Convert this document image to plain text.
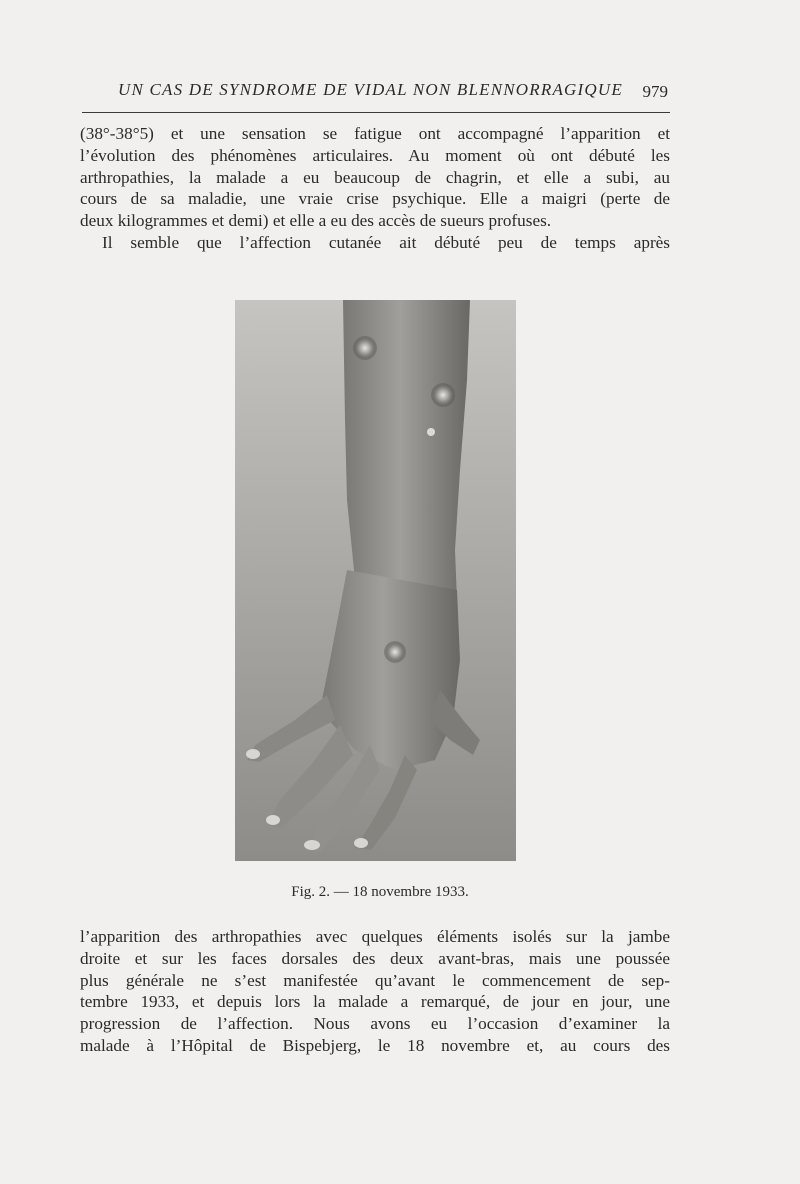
UN CAS DE SYNDROME DE VIDAL NON BLENNORRAGIQUE 979

(38°-38°5) et une sensation se fatigue ont accompagné l’apparition et
l’évolution des phénomènes articulaires. Au moment où ont débuté les
arthropathies, la malade a eu beaucoup de chagrin, et elle a subi, au
cours de sa maladie, une vraie crise psychique. Elle a maigri (perte de
deux kilogrammes et demi) et elle a eu des accès de sueurs profuses.
Il semble que l’affection cutanée ait débuté peu de temps après

Fig. 2. — 18 novembre 1933.

l’apparition des arthropathies avec quelques éléments isolés sur la jambe
droite et sur les faces dorsales des deux avant-bras, mais une poussée
plus générale ne s’est manifestée qu’avant le commencement de sep-
tembre 1933, et depuis lors la malade a remarqué, de jour en jour, une
progression de l’affection. Nous avons eu l’occasion d’examiner la
malade à l’Hôpital de Bispebjerg, le 18 novembre et, au cours des
